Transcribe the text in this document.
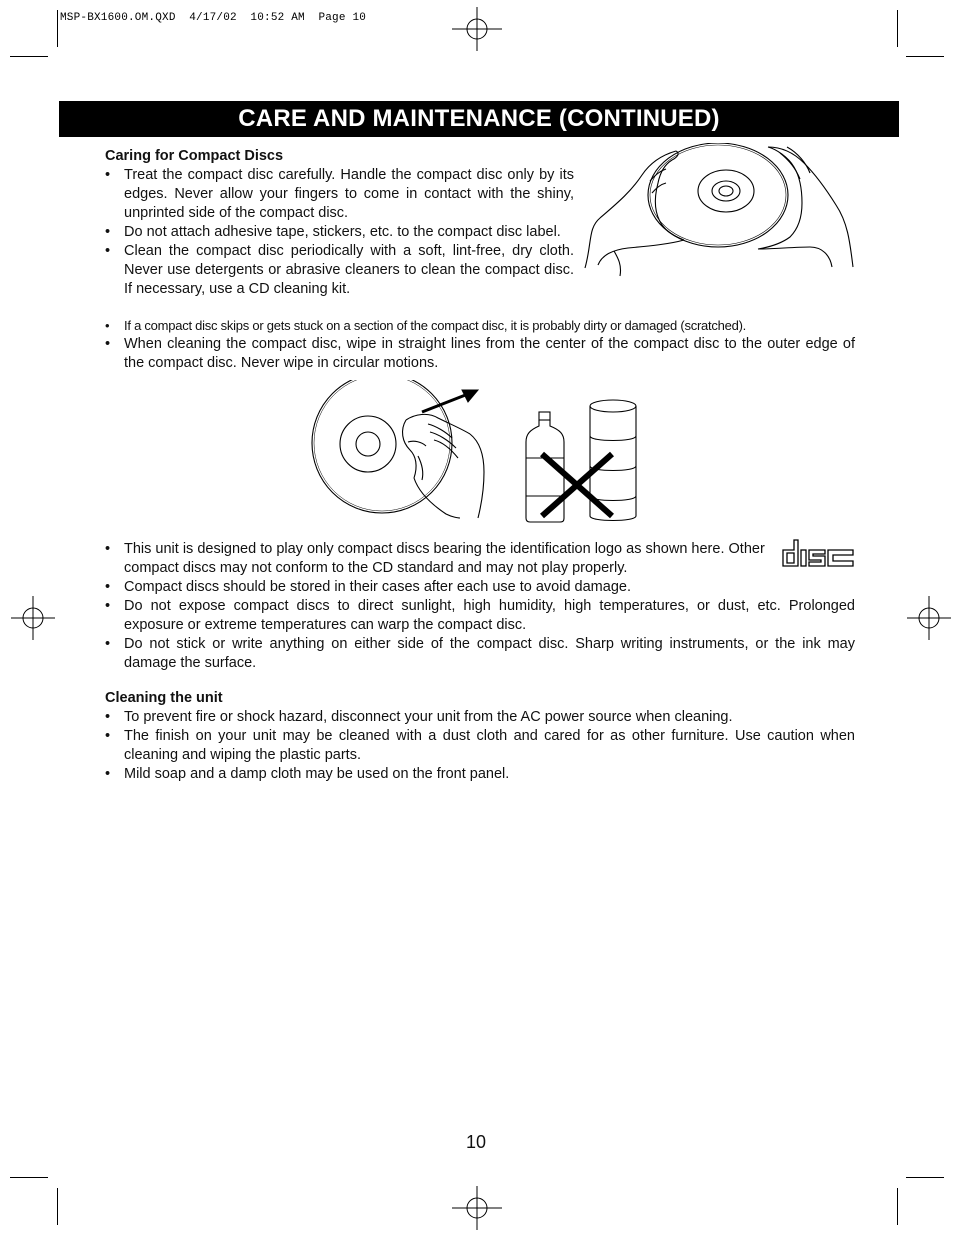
MSP-BX1600.OM.QXD  4/17/02  10:52 AM  Page 10
CARE AND MAINTENANCE (CONTINUED)
Caring for Compact Discs
• Treat the compact disc carefully. Handle the compact disc only by its edges. Never allow your fingers to come in contact with the shiny, unprinted side of the compact disc.
• Do not attach adhesive tape, stickers, etc. to the compact disc label.
• Clean the compact disc periodically with a soft, lint-free, dry cloth. Never use detergents or abrasive cleaners to clean the compact disc. If necessary, use a CD cleaning kit.
• If a compact disc skips or gets stuck on a section of the compact disc, it is probably dirty or damaged (scratched).
• When cleaning the compact disc, wipe in straight lines from the center of the compact disc to the outer edge of the compact disc. Never wipe in circular motions.
• This unit is designed to play only compact discs bearing the identification logo as shown here. Other compact discs may not conform to the CD standard and may not play properly.
• Compact discs should be stored in their cases after each use to avoid damage.
• Do not expose compact discs to direct sunlight, high humidity, high temperatures, or dust, etc. Prolonged exposure or extreme temperatures can warp the compact disc.
• Do not stick or write anything on either side of the compact disc. Sharp writing instruments, or the ink may damage the surface.
disc
Cleaning the unit
• To prevent fire or shock hazard, disconnect your unit from the AC power source when cleaning.
• The finish on your unit may be cleaned with a dust cloth and cared for as other furniture. Use caution when cleaning and wiping the plastic parts.
• Mild soap and a damp cloth may be used on the front panel.
10
